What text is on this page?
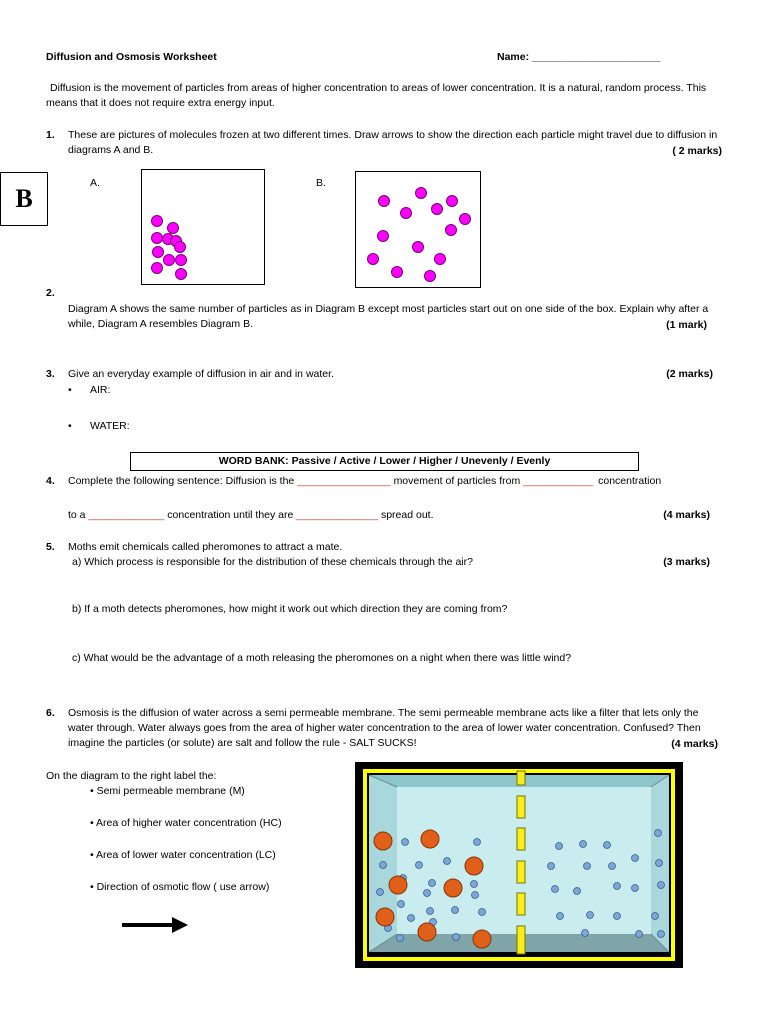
Diffusion and Osmosis Worksheet	Name: ______________________
Diffusion is the movement of particles from areas of higher concentration to areas of lower concentration. It is a natural, random process. This means that it does not require extra energy input.
B
1. These are pictures of molecules frozen at two different times. Draw arrows to show the direction each particle might travel due to diffusion in diagrams A and B.	( 2 marks)
A.	B.
2.
Diagram A shows the same number of particles as in Diagram B except most particles start out on one side of the box. Explain why after a while, Diagram A resembles Diagram B.	(1 mark)
3. Give an everyday example of diffusion in air and in water.	(2 marks)
• AIR:
• WATER:
WORD BANK: Passive / Active / Lower / Higher / Unevenly / Evenly
4. Complete the following sentence: Diffusion is the ________________ movement of particles from ____________ concentration
to a _____________ concentration until they are ______________ spread out.	(4 marks)
5. Moths emit chemicals called pheromones to attract a mate.
a) Which process is responsible for the distribution of these chemicals through the air?	(3 marks)
b) If a moth detects pheromones, how might it work out which direction they are coming from?
c) What would be the advantage of a moth releasing the pheromones on a night when there was little wind?
6. Osmosis is the diffusion of water across a semi permeable membrane. The semi permeable membrane acts like a filter that lets only the water through. Water always goes from the area of higher water concentration to the area of lower water concentration. Confused? Then imagine the particles (or solute) are salt and follow the rule - SALT SUCKS!	(4 marks)
On the diagram to the right label the:
• Semi permeable membrane (M)
• Area of higher water concentration (HC)
• Area of lower water concentration (LC)
• Direction of osmotic flow ( use arrow)
